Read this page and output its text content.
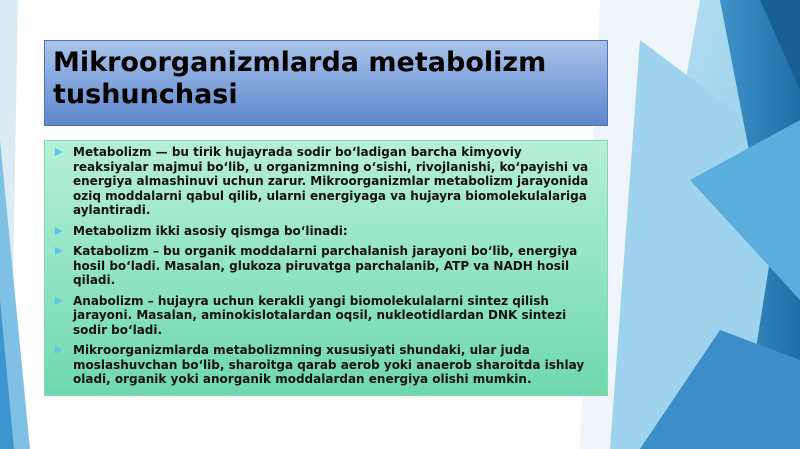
Mikroorganizmlarda metabolizm tushunchasi
Metabolizm — bu tirik hujayrada sodir bo‘ladigan barcha kimyoviy reaksiyalar majmui bo‘lib, u organizmning o‘sishi, rivojlanishi, ko‘payishi va energiya almashinuvi uchun zarur. Mikroorganizmlar metabolizm jarayonida oziq moddalarni qabul qilib, ularni energiyaga va hujayra biomolekulalariga aylantiradi.
Metabolizm ikki asosiy qismga bo‘linadi:
Katabolizm – bu organik moddalarni parchalanish jarayoni bo‘lib, energiya hosil bo‘ladi. Masalan, glukoza piruvatga parchalanib, ATP va NADH hosil qiladi.
Anabolizm – hujayra uchun kerakli yangi biomolekulalarni sintez qilish jarayoni. Masalan, aminokislotalardan oqsil, nukleotidlardan DNK sintezi sodir bo‘ladi.
Mikroorganizmlarda metabolizmning xususiyati shundaki, ular juda moslashuvchan bo‘lib, sharoitga qarab aerob yoki anaerob sharoitda ishlay oladi, organik yoki anorganik moddalardan energiya olishi mumkin.
